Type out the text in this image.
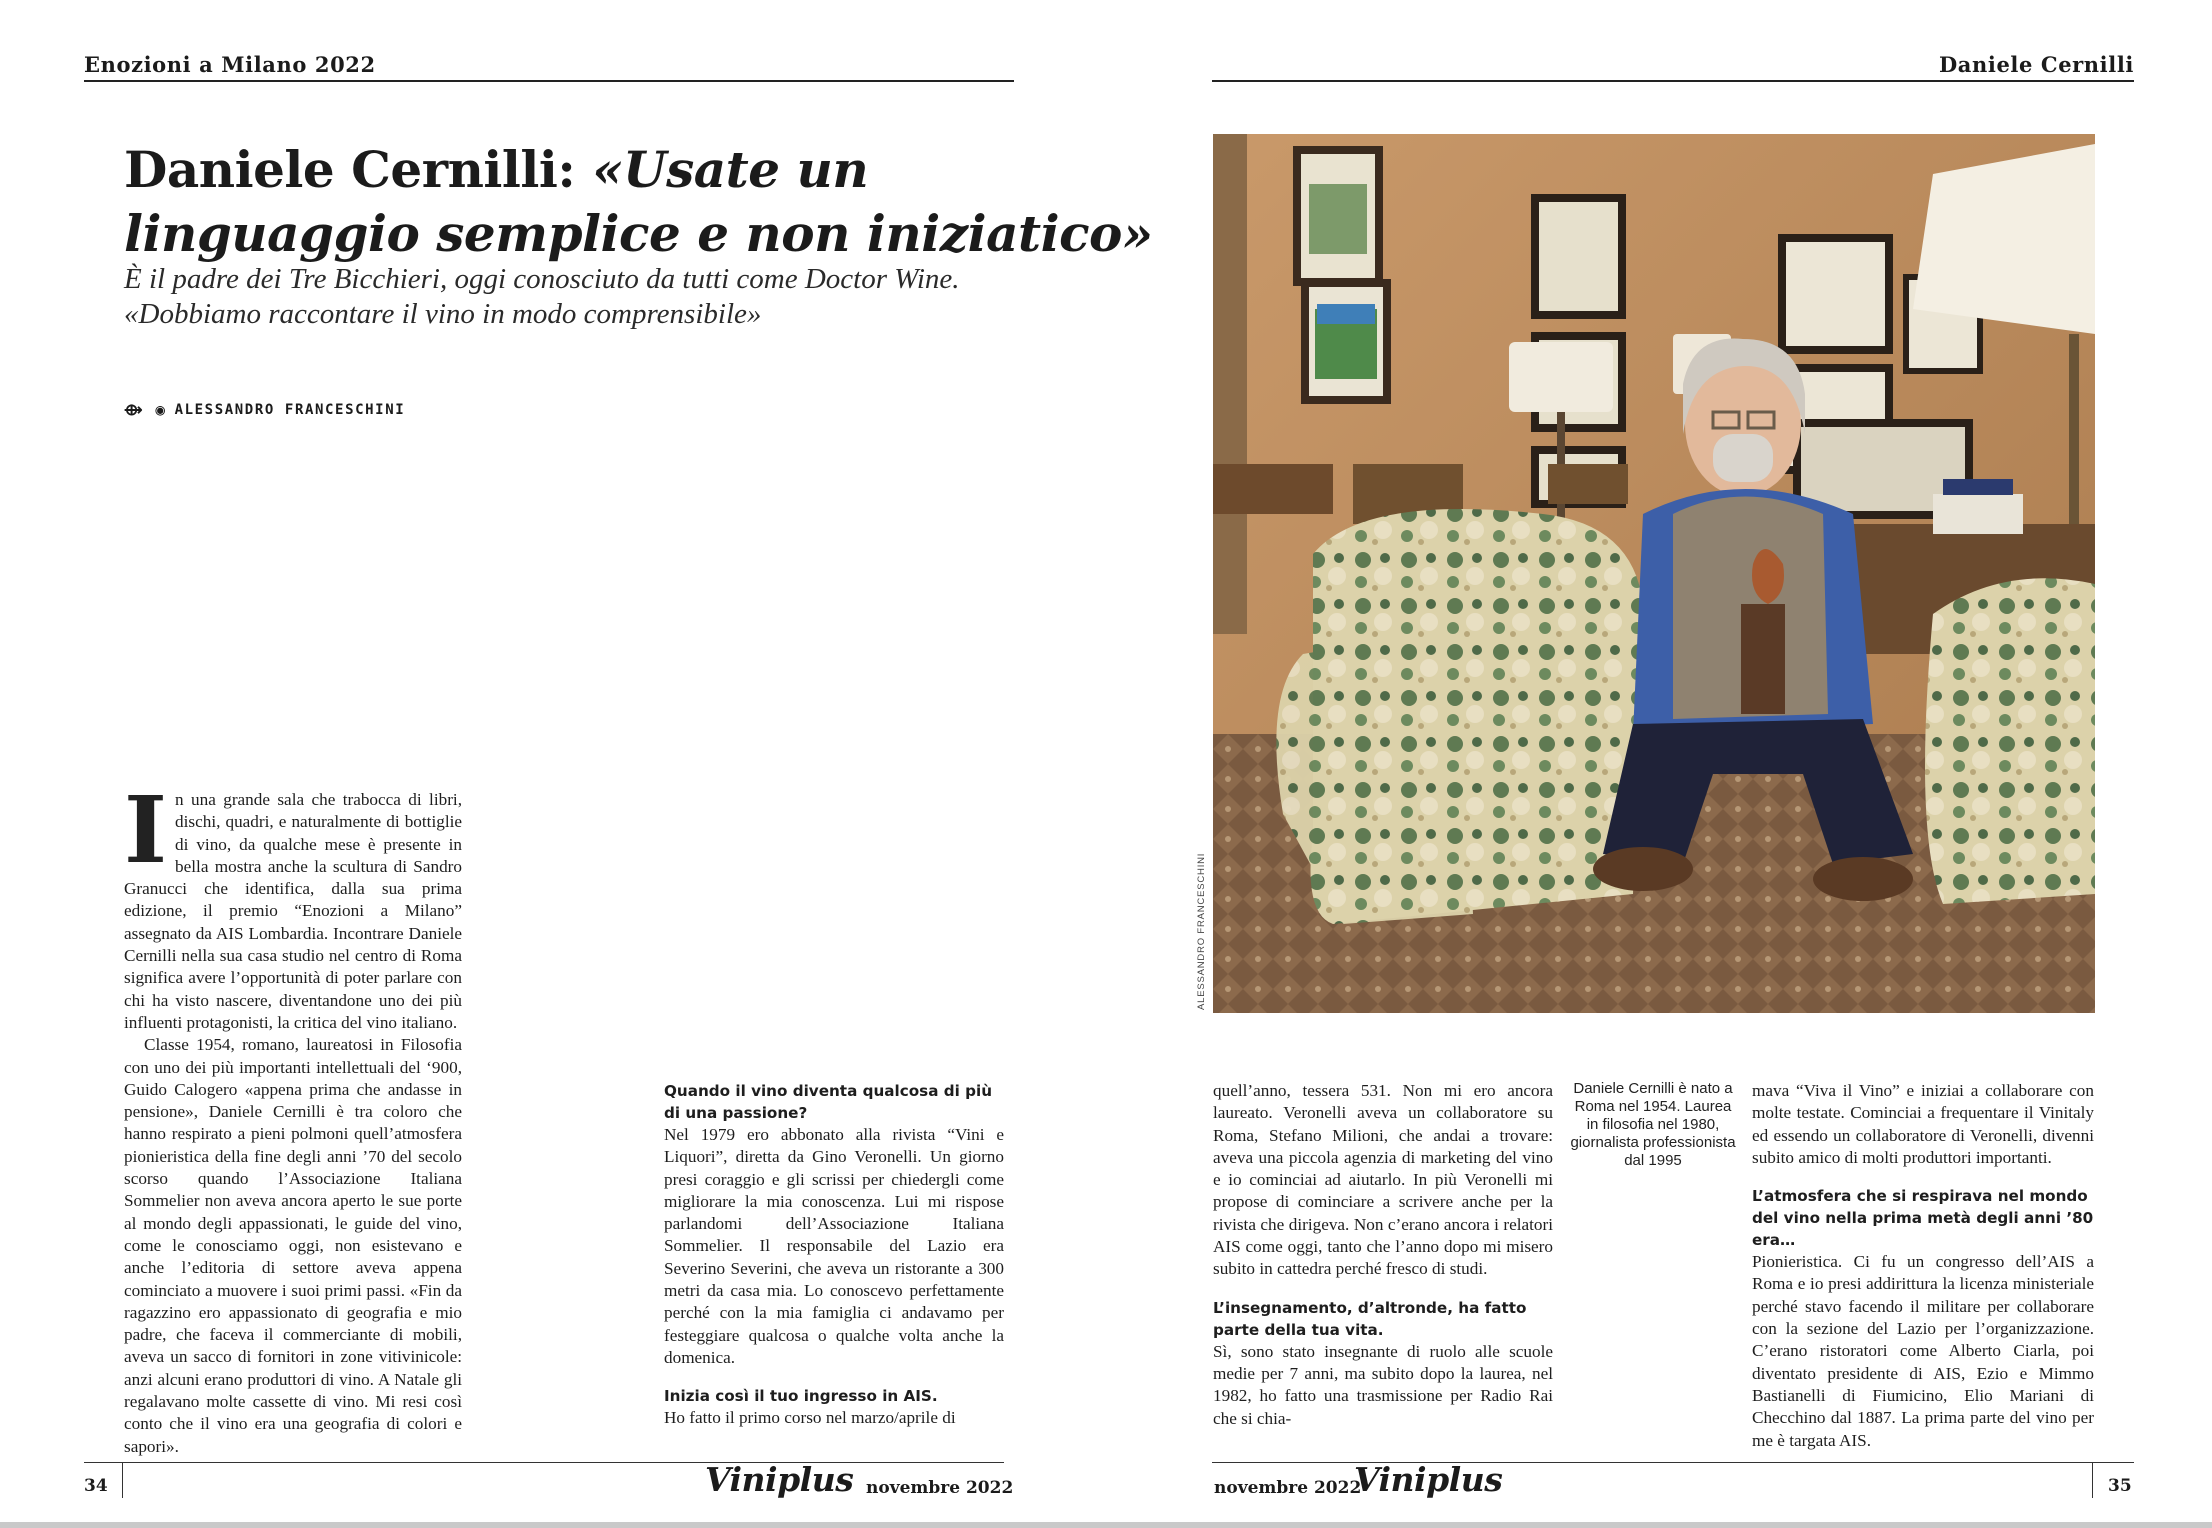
Enozioni a Milano 2022	Daniele Cernilli
Daniele Cernilli: «Usate un linguaggio semplice e non iniziatico»

È il padre dei Tre Bicchieri, oggi conosciuto da tutti come Doctor Wine. «Dobbiamo raccontare il vino in modo comprensibile»

⟴ ◉ ALESSANDRO FRANCESCHINI

In una grande sala che trabocca di libri, dischi, quadri, e naturalmente di bottiglie di vino, da qualche mese è presente in bella mostra anche la scultura di Sandro Granucci che identifica, dalla sua prima edizione, il premio “Enozioni a Milano” assegnato da AIS Lombardia. Incontrare Daniele Cernilli nella sua casa studio nel centro di Roma significa avere l’opportunità di poter parlare con chi ha visto nascere, diventandone uno dei più influenti protagonisti, la critica del vino italiano.

Classe 1954, romano, laureatosi in Filosofia con uno dei più importanti intellettuali del ‘900, Guido Calogero «appena prima che andasse in pensione», Daniele Cernilli è tra coloro che hanno respirato a pieni polmoni quell’atmosfera pionieristica della fine degli anni ’70 del secolo scorso quando l’Associazione Italiana Sommelier non aveva ancora aperto le sue porte al mondo degli appassionati, le guide del vino, come le conosciamo oggi, non esistevano e anche l’editoria di settore aveva appena cominciato a muovere i suoi primi passi. «Fin da ragazzino ero appassionato di geografia e mio padre, che faceva il commerciante di mobili, aveva un sacco di fornitori in zone vitivinicole: anzi alcuni erano produttori di vino. A Natale gli regalavano molte cassette di vino. Mi resi così conto che il vino era una geografia di colori e sapori».

Quando il vino diventa qualcosa di più di una passione?

Nel 1979 ero abbonato alla rivista “Vini e Liquori”, diretta da Gino Veronelli. Un giorno presi coraggio e gli scrissi per chiedergli come migliorare la mia conoscenza. Lui mi rispose parlandomi dell’Associazione Italiana Sommelier. Il responsabile del Lazio era Severino Severini, che aveva un ristorante a 300 metri da casa mia. Lo conoscevo perfettamente perché con la mia famiglia ci andavamo per festeggiare qualcosa o qualche volta anche la domenica.

Inizia così il tuo ingresso in AIS.

Ho fatto il primo corso nel marzo/aprile di

ALESSANDRO FRANCESCHINI

quell’anno, tessera 531. Non mi ero ancora laureato. Veronelli aveva un collaboratore su Roma, Stefano Milioni, che andai a trovare: aveva una piccola agenzia di marketing del vino e io cominciai ad aiutarlo. In più Veronelli mi propose di cominciare a scrivere anche per la rivista che dirigeva. Non c’erano ancora i relatori AIS come oggi, tanto che l’anno dopo mi misero subito in cattedra perché fresco di studi.

L’insegnamento, d’altronde, ha fatto parte della tua vita.

Sì, sono stato insegnante di ruolo alle scuole medie per 7 anni, ma subito dopo la laurea, nel 1982, ho fatto una trasmissione per Radio Rai che si chia-

Daniele Cernilli è nato a Roma nel 1954. Laurea in filosofia nel 1980, giornalista professionista dal 1995

mava “Viva il Vino” e iniziai a collaborare con molte testate. Cominciai a frequentare il Vinitaly ed essendo un collaboratore di Veronelli, divenni subito amico di molti produttori importanti.

L’atmosfera che si respirava nel mondo del vino nella prima metà degli anni ’80 era…

Pionieristica. Ci fu un congresso dell’AIS a Roma e io presi addirittura la licenza ministeriale perché stavo facendo il militare per collaborare con la sezione del Lazio per l’organizzazione. C’erano ristoratori come Alberto Ciarla, poi diventato presidente di AIS, Ezio e Mimmo Bastianelli di Fiumicino, Elio Mariani di Checchino dal 1887. La prima parte del vino per me è targata AIS.

34	35
Viniplus novembre 2022	novembre 2022
Viniplus
